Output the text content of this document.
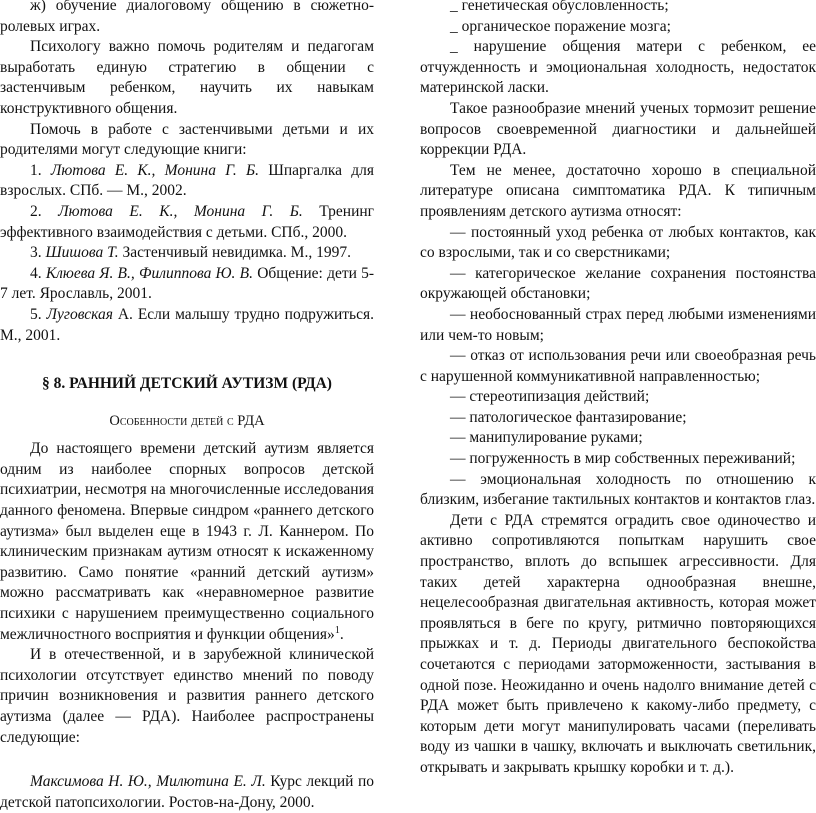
ж) обучение диалоговому общению в сюжетно-ролевых играх.

Психологу важно помочь родителям и педагогам выработать единую стратегию в общении с застенчивым ребенком, научить их навыкам конструктивного общения.

Помочь в работе с застенчивыми детьми и их родителями могут следующие книги:

1. Лютова Е. К., Монина Г. Б. Шпаргалка для взрослых. СПб. — М., 2002.

2. Лютова Е. К., Монина Г. Б. Тренинг эффективного взаимодействия с детьми. СПб., 2000.

3. Шишова Т. Застенчивый невидимка. М., 1997.

4. Клюева Я. В., Филиппова Ю. В. Общение: дети 5-7 лет. Ярославль, 2001.

5. Луговская А. Если малышу трудно подружиться. М., 2001.

§ 8. РАННИЙ ДЕТСКИЙ АУТИЗМ (РДА)

Особенности детей с РДА

До настоящего времени детский аутизм является одним из наиболее спорных вопросов детской психиатрии, несмотря на многочисленные исследования данного феномена. Впервые синдром «раннего детского аутизма» был выделен еще в 1943 г. Л. Каннером. По клиническим признакам аутизм относят к искаженному развитию. Само понятие «ранний детский аутизм» можно рассматривать как «неравномерное развитие психики с нарушением преимущественно социального межличностного восприятия и функции общения»$^1$.

И в отечественной, и в зарубежной клинической психологии отсутствует единство мнений по поводу причин возникновения и развития раннего детского аутизма (далее — РДА). Наиболее распространены следующие:

Максимова Н. Ю., Милютина Е. Л. Курс лекций по детской патопсихологии. Ростов-на-Дону, 2000.

_ генетическая обусловленность;

_ органическое поражение мозга;

_ нарушение общения матери с ребенком, ее отчужденность и эмоциональная холодность, недостаток материнской ласки.

Такое разнообразие мнений ученых тормозит решение вопросов своевременной диагностики и дальнейшей коррекции РДА.

Тем не менее, достаточно хорошо в специальной литературе описана симптоматика РДА. К типичным проявлениям детского аутизма относят:

— постоянный уход ребенка от любых контактов, как со взрослыми, так и со сверстниками;

— категорическое желание сохранения постоянства окружающей обстановки;

— необоснованный страх перед любыми изменениями или чем-то новым;

— отказ от использования речи или своеобразная речь с нарушенной коммуникативной направленностью;

— стереотипизация действий;

— патологическое фантазирование;

— манипулирование руками;

— погруженность в мир собственных переживаний;

— эмоциональная холодность по отношению к близким, избегание тактильных контактов и контактов глаз.

Дети с РДА стремятся оградить свое одиночество и активно сопротивляются попыткам нарушить свое пространство, вплоть до вспышек агрессивности. Для таких детей характерна однообразная внешне, нецелесообразная двигательная активность, которая может проявляться в беге по кругу, ритмично повторяющихся прыжках и т. д. Периоды двигательного беспокойства сочетаются с периодами заторможенности, застывания в одной позе. Неожиданно и очень надолго внимание детей с РДА может быть привлечено к какому-либо предмету, с которым дети могут манипулировать часами (переливать воду из чашки в чашку, включать и выключать светильник, открывать и закрывать крышку коробки и т. д.).
